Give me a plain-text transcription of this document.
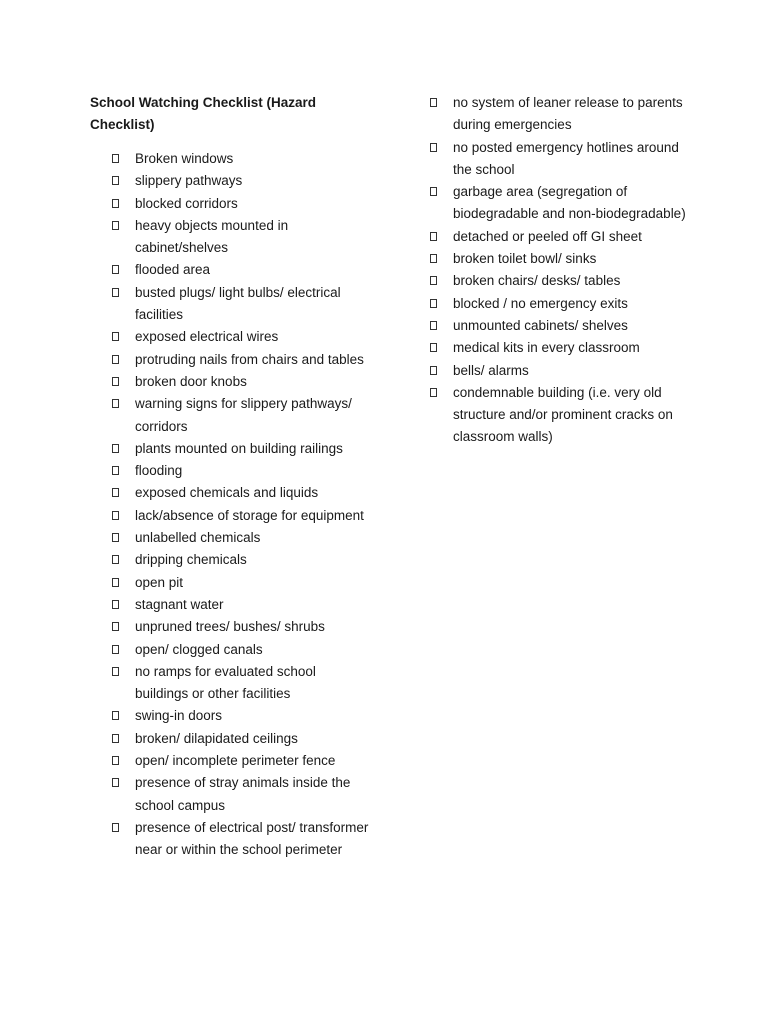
School Watching Checklist (Hazard Checklist)
Broken windows
slippery pathways
blocked corridors
heavy objects mounted in cabinet/shelves
flooded area
busted plugs/ light bulbs/ electrical facilities
exposed electrical wires
protruding nails from chairs and tables
broken door knobs
warning signs for slippery pathways/ corridors
plants mounted on building railings
flooding
exposed chemicals and liquids
lack/absence of storage for equipment
unlabelled chemicals
dripping chemicals
open pit
stagnant water
unpruned trees/ bushes/ shrubs
open/ clogged canals
no ramps for evaluated school buildings or other facilities
swing-in doors
broken/ dilapidated ceilings
open/ incomplete perimeter fence
presence of stray animals inside the school campus
presence of electrical post/ transformer near or within the school perimeter
no system of leaner release to parents during emergencies
no posted emergency hotlines around the school
garbage area (segregation of biodegradable and non-biodegradable)
detached or peeled off GI sheet
broken toilet bowl/ sinks
broken chairs/ desks/ tables
blocked / no emergency exits
unmounted cabinets/ shelves
medical kits in every classroom
bells/ alarms
condemnable building (i.e. very old structure and/or prominent cracks on classroom walls)
